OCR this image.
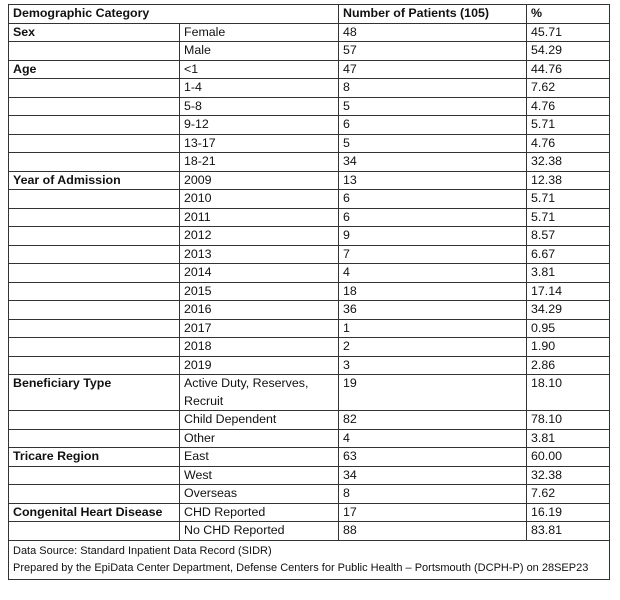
Demographic Category		Number of Patients (105)	%
Sex	Female	48	45.71
	Male	57	54.29
Age	<1	47	44.76
	1-4	8	7.62
	5-8	5	4.76
	9-12	6	5.71
	13-17	5	4.76
	18-21	34	32.38
Year of Admission	2009	13	12.38
	2010	6	5.71
	2011	6	5.71
	2012	9	8.57
	2013	7	6.67
	2014	4	3.81
	2015	18	17.14
	2016	36	34.29
	2017	1	0.95
	2018	2	1.90
	2019	3	2.86
Beneficiary Type	Active Duty, Reserves, Recruit	19	18.10
	Child Dependent	82	78.10
	Other	4	3.81
Tricare Region	East	63	60.00
	West	34	32.38
	Overseas	8	7.62
Congenital Heart Disease	CHD Reported	17	16.19
	No CHD Reported	88	83.81

Data Source: Standard Inpatient Data Record (SIDR)
Prepared by the EpiData Center Department, Defense Centers for Public Health – Portsmouth (DCPH-P) on 28SEP23			
